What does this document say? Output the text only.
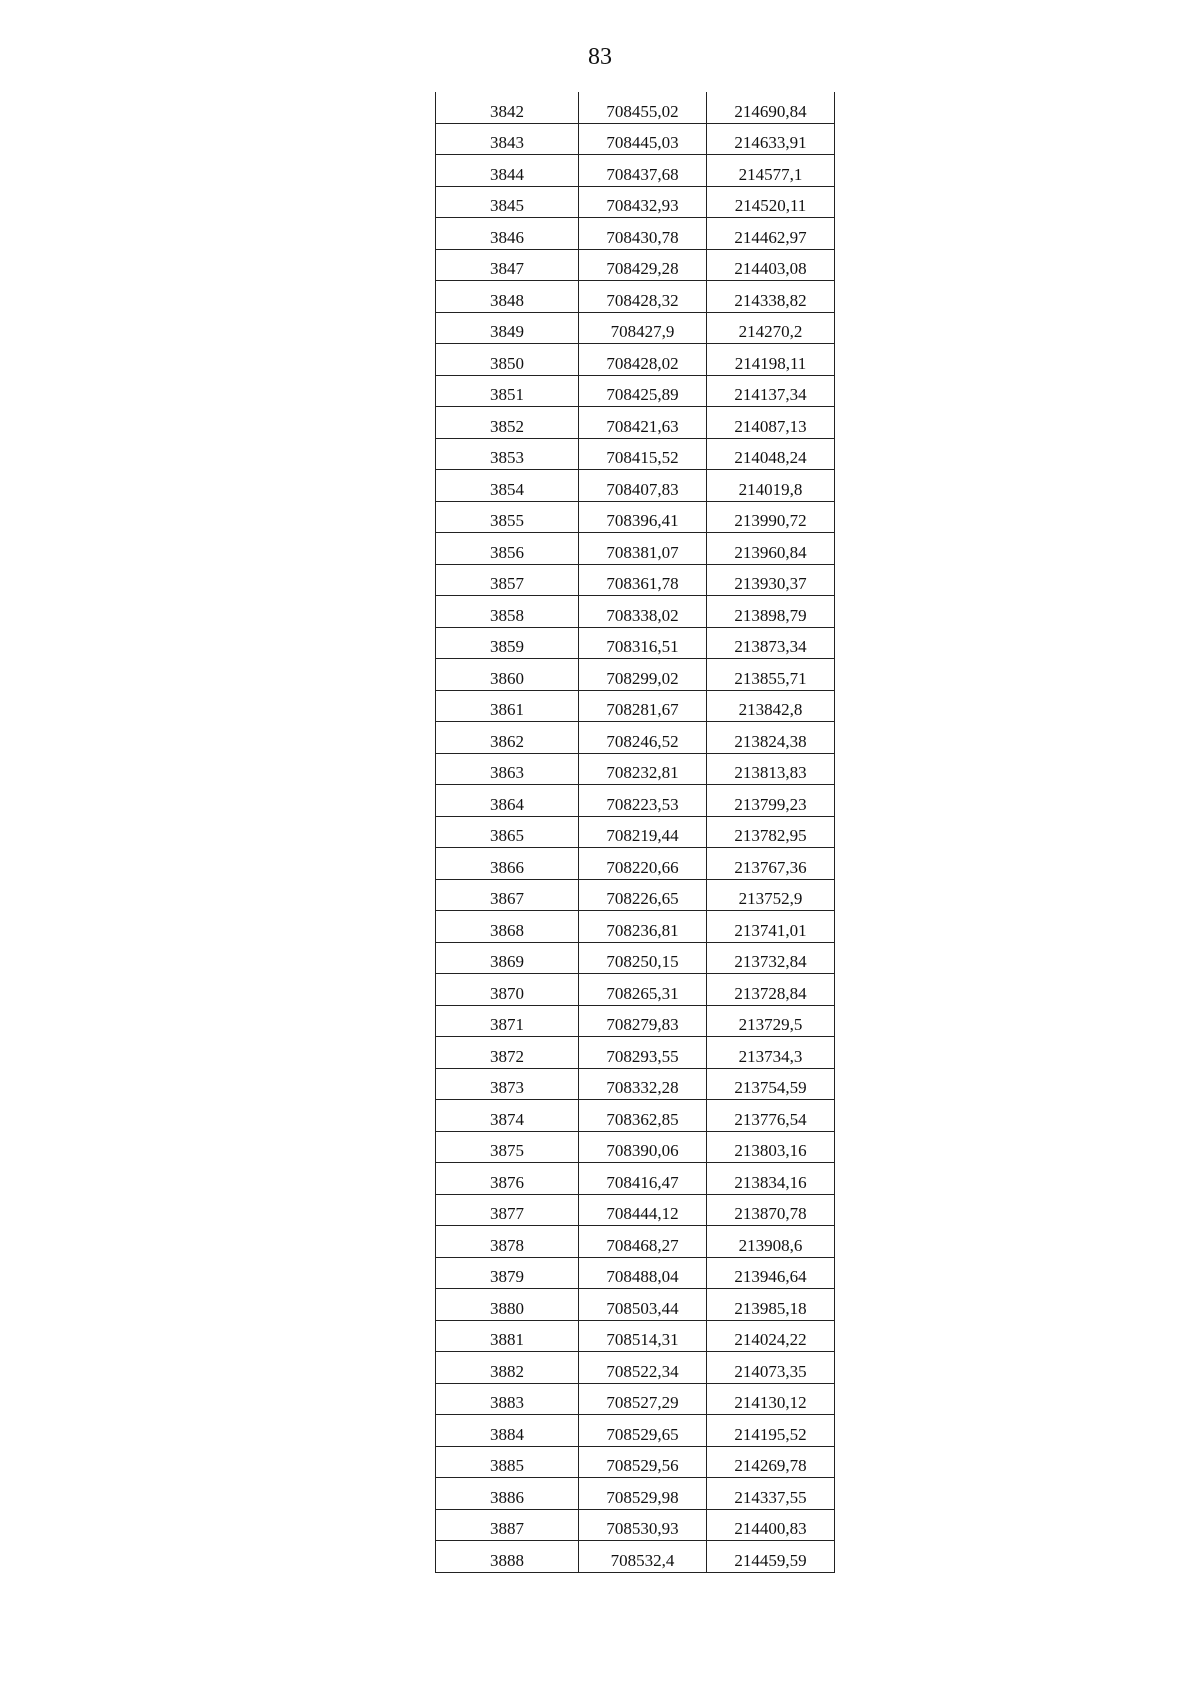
83
3842	708455,02	214690,84
3843	708445,03	214633,91
3844	708437,68	214577,1
3845	708432,93	214520,11
3846	708430,78	214462,97
3847	708429,28	214403,08
3848	708428,32	214338,82
3849	708427,9	214270,2
3850	708428,02	214198,11
3851	708425,89	214137,34
3852	708421,63	214087,13
3853	708415,52	214048,24
3854	708407,83	214019,8
3855	708396,41	213990,72
3856	708381,07	213960,84
3857	708361,78	213930,37
3858	708338,02	213898,79
3859	708316,51	213873,34
3860	708299,02	213855,71
3861	708281,67	213842,8
3862	708246,52	213824,38
3863	708232,81	213813,83
3864	708223,53	213799,23
3865	708219,44	213782,95
3866	708220,66	213767,36
3867	708226,65	213752,9
3868	708236,81	213741,01
3869	708250,15	213732,84
3870	708265,31	213728,84
3871	708279,83	213729,5
3872	708293,55	213734,3
3873	708332,28	213754,59
3874	708362,85	213776,54
3875	708390,06	213803,16
3876	708416,47	213834,16
3877	708444,12	213870,78
3878	708468,27	213908,6
3879	708488,04	213946,64
3880	708503,44	213985,18
3881	708514,31	214024,22
3882	708522,34	214073,35
3883	708527,29	214130,12
3884	708529,65	214195,52
3885	708529,56	214269,78
3886	708529,98	214337,55
3887	708530,93	214400,83
3888	708532,4	214459,59
